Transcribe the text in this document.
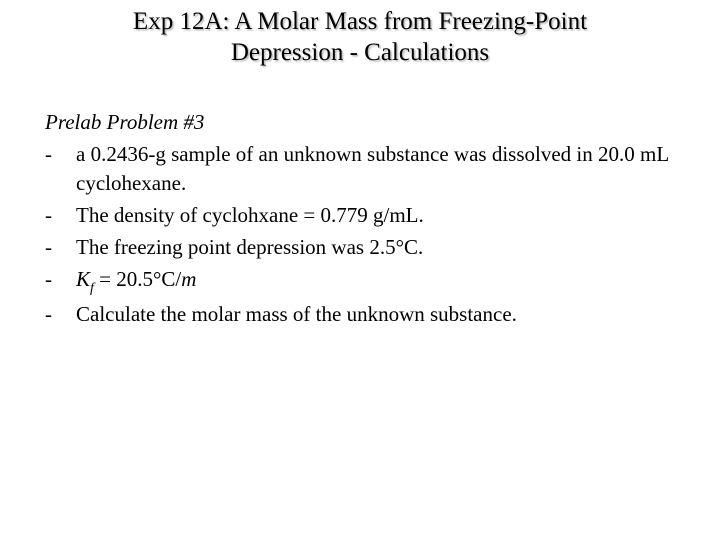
Exp 12A: A Molar Mass from Freezing-Point
Depression - Calculations
Prelab Problem #3
- a 0.2436-g sample of an unknown substance was dissolved in 20.0 mL cyclohexane.
- The density of cyclohxane = 0.779 g/mL.
- The freezing point depression was 2.5°C.
- $K_f = 20.5^\circ C/m$
- Calculate the molar mass of the unknown substance.
